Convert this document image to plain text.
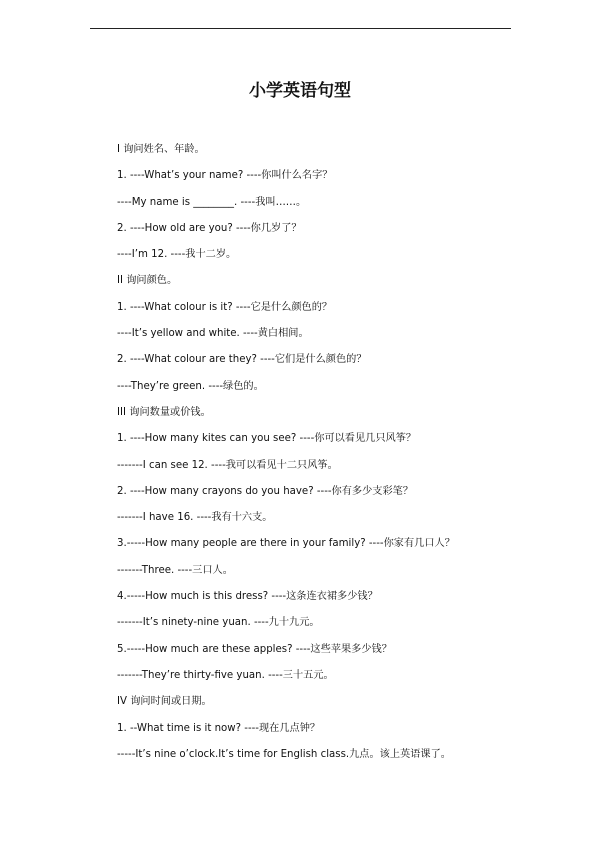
小学英语句型
I 询问姓名、年龄。
1. ----What’s your name? ----你叫什么名字？
----My name is ________. ----我叫……。
2. ----How old are you? ----你几岁了？
----I’m 12. ----我十二岁。
II 询问颜色。
1. ----What colour is it? ----它是什么颜色的？
----It’s yellow and white. ----黄白相间。
2. ----What colour are they? ----它们是什么颜色的？
----They’re green. ----绿色的。
III 询问数量或价钱。
1. ----How many kites can you see? ----你可以看见几只风筝？
-------I can see 12. ----我可以看见十二只风筝。
2. ----How many crayons do you have? ----你有多少支彩笔？
-------I have 16. ----我有十六支。
3.-----How many people are there in your family? ----你家有几口人？
-------Three. ----三口人。
4.-----How much is this dress? ----这条连衣裙多少钱？
-------It’s ninety-nine yuan. ----九十九元。
5.-----How much are these apples? ----这些苹果多少钱？
-------They’re thirty-five yuan. ----三十五元。
IV 询问时间或日期。
1. --What time is it now? ----现在几点钟？
-----It’s nine o’clock.It’s time for English class.九点。该上英语课了。
